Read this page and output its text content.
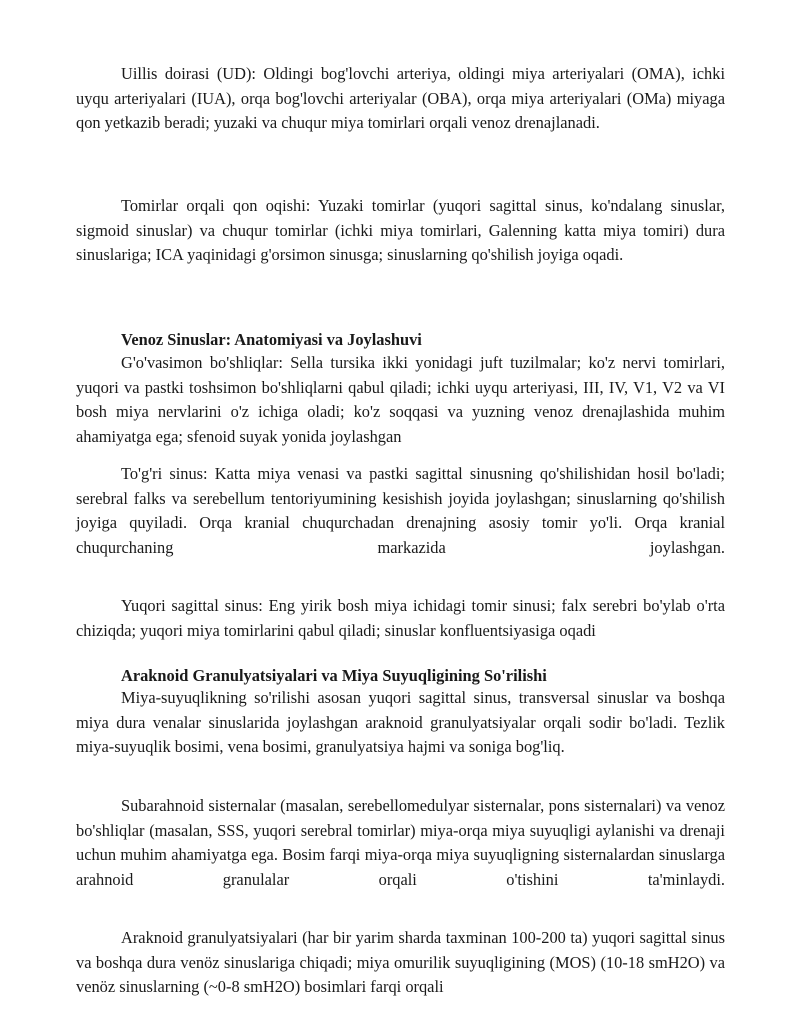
Uillis doirasi (UD): Oldingi bog'lovchi arteriya, oldingi miya arteriyalari (OMA), ichki uyqu arteriyalari (IUA), orqa bog'lovchi arteriyalar (OBA), orqa miya arteriyalari (OMa) miyaga qon yetkazib beradi; yuzaki va chuqur miya tomirlari orqali venoz drenajlanadi.

Tomirlar orqali qon oqishi: Yuzaki tomirlar (yuqori sagittal sinus, ko'ndalang sinuslar, sigmoid sinuslar) va chuqur tomirlar (ichki miya tomirlari, Galenning katta miya tomiri) dura sinuslariga; ICA yaqinidagi g'orsimon sinusga; sinuslarning qo'shilish joyiga oqadi.

Venoz Sinuslar: Anatomiyasi va Joylashuvi

G'o'vasimon bo'shliqlar: Sella tursika ikki yonidagi juft tuzilmalar; ko'z nervi tomirlari, yuqori va pastki toshsimon bo'shliqlarni qabul qiladi; ichki uyqu arteriyasi, III, IV, V1, V2 va VI bosh miya nervlarini o'z ichiga oladi; ko'z soqqasi va yuzning venoz drenajlashida muhim ahamiyatga ega; sfenoid suyak yonida joylashgan

To'g'ri sinus: Katta miya venasi va pastki sagittal sinusning qo'shilishidan hosil bo'ladi; serebral falks va serebellum tentoriyumining kesishish joyida joylashgan; sinuslarning qo'shilish joyiga quyiladi. Orqa kranial chuqurchadan drenajning asosiy tomir yo'li. Orqa kranial chuqurchaning markazida joylashgan.

Yuqori sagittal sinus: Eng yirik bosh miya ichidagi tomir sinusi; falx serebri bo'ylab o'rta chiziqda; yuqori miya tomirlarini qabul qiladi; sinuslar konfluentsiyasiga oqadi

Araknoid Granulyatsiyalari va Miya Suyuqligining So'rilishi

Miya-suyuqlikning so'rilishi asosan yuqori sagittal sinus, transversal sinuslar va boshqa miya dura venalar sinuslarida joylashgan araknoid granulyatsiyalar orqali sodir bo'ladi. Tezlik miya-suyuqlik bosimi, vena bosimi, granulyatsiya hajmi va soniga bog'liq.

Subarahnoid sisternalar (masalan, serebellomedulyar sisternalar, pons sisternalari) va venoz bo'shliqlar (masalan, SSS, yuqori serebral tomirlar) miya-orqa miya suyuqligi aylanishi va drenaji uchun muhim ahamiyatga ega. Bosim farqi miya-orqa miya suyuqligning sisternalardan sinuslarga arahnoid granulalar orqali o'tishini ta'minlaydi.

Araknoid granulyatsiyalari (har bir yarim sharda taxminan 100-200 ta) yuqori sagittal sinus va boshqa dura venöz sinuslariga chiqadi; miya omurilik suyuqligining (MOS) (10-18 smH2O) va venöz sinuslarning (~0-8 smH2O) bosimlari farqi orqali
